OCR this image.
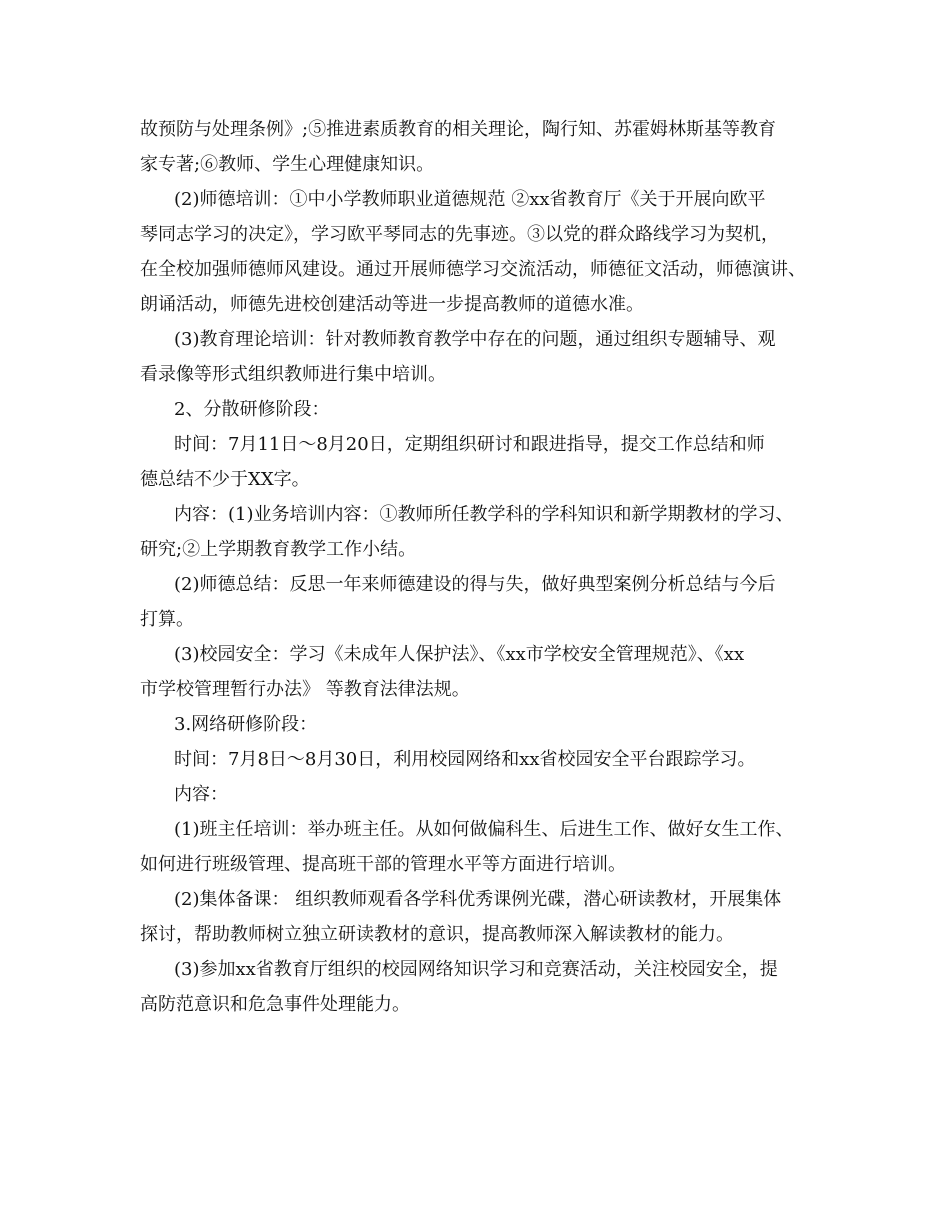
故预防与处理条例》;⑤推进素质教育的相关理论，陶行知、苏霍姆林斯基等教育
家专著;⑥教师、学生心理健康知识。
(2)师德培训：①中小学教师职业道德规范 ②xx省教育厅《关于开展向欧平
琴同志学习的决定》，学习欧平琴同志的先事迹。③以党的群众路线学习为契机，
在全校加强师德师风建设。通过开展师德学习交流活动，师德征文活动，师德演讲、
朗诵活动，师德先进校创建活动等进一步提高教师的道德水准。
(3)教育理论培训：针对教师教育教学中存在的问题，通过组织专题辅导、观
看录像等形式组织教师进行集中培训。
2、分散研修阶段：
时间：7月11日～8月20日，定期组织研讨和跟进指导，提交工作总结和师
德总结不少于XX字。
内容：(1)业务培训内容：①教师所任教学科的学科知识和新学期教材的学习、
研究;②上学期教育教学工作小结。
(2)师德总结：反思一年来师德建设的得与失，做好典型案例分析总结与今后
打算。
(3)校园安全：学习《未成年人保护法》、《xx市学校安全管理规范》、《xx
市学校管理暂行办法》 等教育法律法规。
3.网络研修阶段：
时间：7月8日～8月30日，利用校园网络和xx省校园安全平台跟踪学习。
内容：
(1)班主任培训：举办班主任。从如何做偏科生、后进生工作、做好女生工作、
如何进行班级管理、提高班干部的管理水平等方面进行培训。
(2)集体备课： 组织教师观看各学科优秀课例光碟，潜心研读教材，开展集体
探讨，帮助教师树立独立研读教材的意识，提高教师深入解读教材的能力。
(3)参加xx省教育厅组织的校园网络知识学习和竞赛活动，关注校园安全，提
高防范意识和危急事件处理能力。
